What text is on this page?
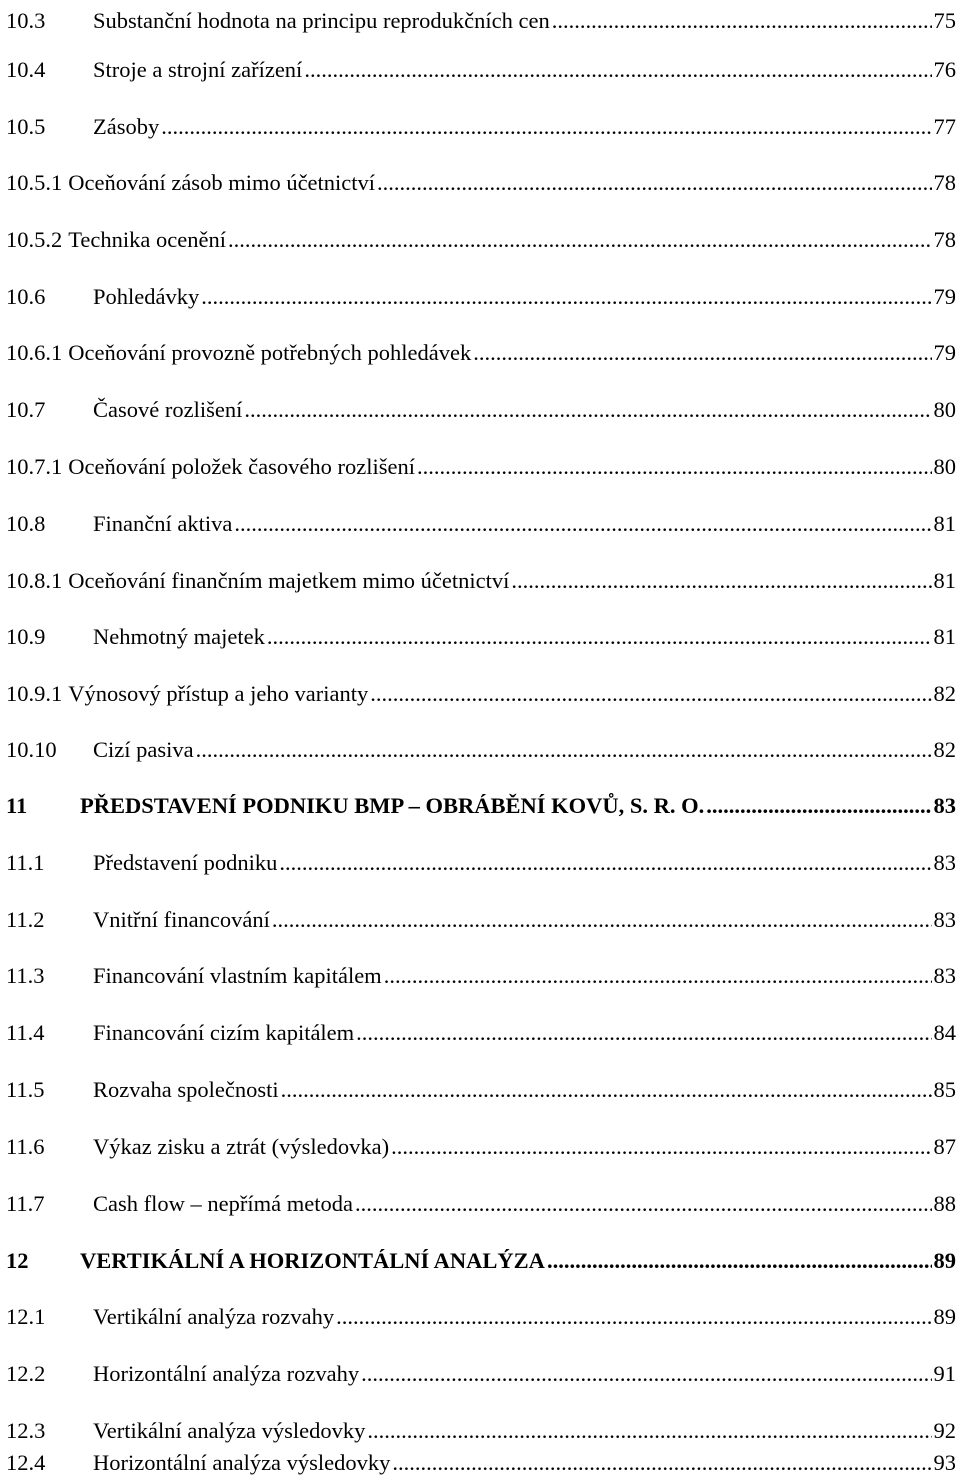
10.3	Substanční hodnota na principu reprodukčních cen .....	75
10.4	Stroje a strojní zařízení .....	76
10.5	Zásoby .....	77
10.5.1 Oceňování zásob mimo účetnictví .....	78
10.5.2 Technika ocenění .....	78
10.6	Pohledávky .....	79
10.6.1 Oceňování provozně potřebných pohledávek .....	79
10.7	Časové rozlišení .....	80
10.7.1 Oceňování položek časového rozlišení .....	80
10.8	Finanční aktiva .....	81
10.8.1 Oceňování finančním majetkem mimo účetnictví .....	81
10.9	Nehmotný majetek .....	81
10.9.1 Výnosový přístup a jeho varianty .....	82
10.10	Cizí pasiva .....	82
11	PŘEDSTAVENÍ PODNIKU BMP – OBRÁBĚNÍ KOVŮ, S. R. O. .....	83
11.1	Představení podniku .....	83
11.2	Vnitřní financování .....	83
11.3	Financování vlastním kapitálem .....	83
11.4	Financování cizím kapitálem .....	84
11.5	Rozvaha společnosti .....	85
11.6	Výkaz zisku a ztrát (výsledovka) .....	87
11.7	Cash flow – nepřímá metoda .....	88
12	VERTIKÁLNÍ A HORIZONTÁLNÍ ANALÝZA .....	89
12.1	Vertikální analýza rozvahy .....	89
12.2	Horizontální analýza rozvahy .....	91
12.3	Vertikální analýza výsledovky .....	92
12.4	Horizontální analýza výsledovky .....	93
